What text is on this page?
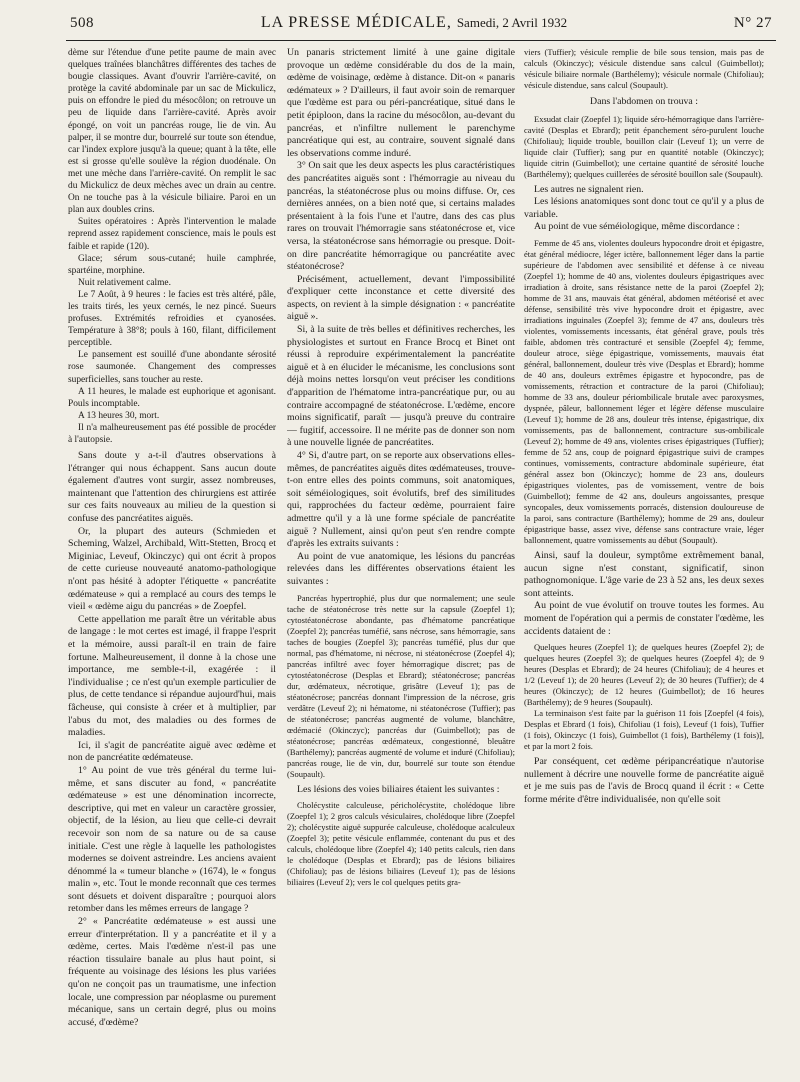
508	LA PRESSE MÉDICALE, Samedi, 2 Avril 1932	N° 27

dème sur l'étendue d'une petite paume de main avec quelques traînées blanchâtres différentes des taches de bougie classiques. Avant d'ouvrir l'arrière-cavité, on protège la cavité abdominale par un sac de Mickulicz, puis on effondre le pied du mésocôlon; on retrouve un peu de liquide dans l'arrière-cavité. Après avoir épongé, on voit un pancréas rouge, lie de vin. Au palper, il se montre dur, bourrelé sur toute son étendue, car l'index explore jusqu'à la queue; quant à la tête, elle est si grosse qu'elle soulève la région duodénale. On met une mèche dans l'arrière-cavité. On remplit le sac du Mickulicz de deux mèches avec un drain au centre. On ne touche pas à la vésicule biliaire. Paroi en un plan aux doubles crins.

Suites opératoires : Après l'intervention le malade reprend assez rapidement conscience, mais le pouls est faible et rapide (120).

Glace; sérum sous-cutané; huile camphrée, spartéine, morphine.

Nuit relativement calme.

Le 7 Août, à 9 heures : le facies est très altéré, pâle, les traits tirés, les yeux cernés, le nez pincé. Sueurs profuses. Extrémités refroidies et cyanosées. Température à 38°8; pouls à 160, filant, difficilement perceptible.

Le pansement est souillé d'une abondante sérosité rose saumonée. Changement des compresses superficielles, sans toucher au reste.

A 11 heures, le malade est euphorique et agonisant. Pouls incomptable.

A 13 heures 30, mort.

Il n'a malheureusement pas été possible de procéder à l'autopsie.

Sans doute y a-t-il d'autres observations à l'étranger qui nous échappent. Sans aucun doute également d'autres vont surgir, assez nombreuses, maintenant que l'attention des chirurgiens est attirée sur ces faits nouveaux au milieu de la question si confuse des pancréatites aiguës.

Or, la plupart des auteurs (Schmieden et Scheming, Walzel, Archibald, Witt-Stetten, Brocq et Miginiac, Leveuf, Okinczyc) qui ont écrit à propos de cette curieuse nouveauté anatomo-pathologique n'ont pas hésité à adopter l'étiquette « pancréatite œdémateuse » qui a remplacé au cours des temps le vieil « œdème aigu du pancréas » de Zoepfel.

Cette appellation me paraît être un véritable abus de langage : le mot certes est imagé, il frappe l'esprit et la mémoire, aussi paraît-il en train de faire fortune. Malheureusement, il donne à la chose une importance, me semble-t-il, exagérée : il l'individualise ; ce n'est qu'un exemple particulier de plus, de cette tendance si répandue aujourd'hui, mais fâcheuse, qui consiste à créer et à multiplier, par l'abus du mot, des maladies ou des formes de maladies.

Ici, il s'agit de pancréatite aiguë avec œdème et non de pancréatite œdémateuse.

1° Au point de vue très général du terme lui-même, et sans discuter au fond, « pancréatite œdémateuse » est une dénomination incorrecte, descriptive, qui met en valeur un caractère grossier, objectif, de la lésion, au lieu que celle-ci devrait recevoir son nom de sa nature ou de sa cause initiale. C'est une règle à laquelle les pathologistes modernes se doivent astreindre. Les anciens avaient dénommé la « tumeur blanche » (1674), le « fongus malin », etc. Tout le monde reconnaît que ces termes sont désuets et doivent disparaître ; pourquoi alors retomber dans les mêmes erreurs de langage ?

2° « Pancréatite œdémateuse » est aussi une erreur d'interprétation. Il y a pancréatite et il y a œdème, certes. Mais l'œdème n'est-il pas une réaction tissulaire banale au plus haut point, si fréquente au voisinage des lésions les plus variées qu'on ne conçoit pas un traumatisme, une infection locale, une compression par néoplasme ou purement mécanique, sans un certain degré, plus ou moins accusé, d'œdème?

Un panaris strictement limité à une gaine digitale provoque un œdème considérable du dos de la main, œdème de voisinage, œdème à distance. Dit-on « panaris œdémateux » ? D'ailleurs, il faut avoir soin de remarquer que l'œdème est para ou péri-pancréatique, situé dans le petit épiploon, dans la racine du mésocôlon, au-devant du pancréas, et n'infiltre nullement le parenchyme pancréatique qui est, au contraire, souvent signalé dans les observations comme induré.

3° On sait que les deux aspects les plus caractéristiques des pancréatites aiguës sont : l'hémorragie au niveau du pancréas, la stéatonécrose plus ou moins diffuse. Or, ces dernières années, on a bien noté que, si certains malades présentaient à la fois l'une et l'autre, dans des cas plus rares on trouvait l'hémorragie sans stéatonécrose et, vice versa, la stéatonécrose sans hémorragie ou presque. Doit-on dire pancréatite hémorragique ou pancréatite avec stéatonécrose?

Précisément, actuellement, devant l'impossibilité d'expliquer cette inconstance et cette diversité des aspects, on revient à la simple désignation : « pancréatite aiguë ».

Si, à la suite de très belles et définitives recherches, les physiologistes et surtout en France Brocq et Binet ont réussi à reproduire expérimentalement la pancréatite aiguë et à en élucider le mécanisme, les conclusions sont déjà moins nettes lorsqu'on veut préciser les conditions d'apparition de l'hématome intra-pancréatique pur, ou au contraire accompagné de stéatonécrose. L'œdème, encore moins significatif, paraît — jusqu'à preuve du contraire — fugitif, accessoire. Il ne mérite pas de donner son nom à une nouvelle lignée de pancréatites.

4° Si, d'autre part, on se reporte aux observations elles-mêmes, de pancréatites aiguës dites œdémateuses, trouve-t-on entre elles des points communs, soit anatomiques, soit séméiologiques, soit évolutifs, bref des similitudes qui, rapprochées du facteur œdème, pourraient faire admettre qu'il y a là une forme spéciale de pancréatite aiguë ? Nullement, ainsi qu'on peut s'en rendre compte d'après les extraits suivants :

Au point de vue anatomique, les lésions du pancréas relevées dans les différentes observations étaient les suivantes :

Pancréas hypertrophié, plus dur que normalement; une seule tache de stéatonécrose très nette sur la capsule (Zoepfel 1); cytostéatonécrose abondante, pas d'hématome pancréatique (Zoepfel 2); pancréas tuméfié, sans nécrose, sans hémorragie, sans taches de bougies (Zoepfel 3); pancréas tuméfié, plus dur que normal, pas d'hématome, ni nécrose, ni stéatonécrose (Zoepfel 4); pancréas infiltré avec foyer hémorragique discret; pas de cytostéatonécrose (Desplas et Ebrard); stéatonécrose; pancréas dur, œdémateux, nécrotique, grisâtre (Leveuf 1); pas de stéatonécrose; pancréas donnant l'impression de la nécrose, gris verdâtre (Leveuf 2); ni hématome, ni stéatonécrose (Tuffier); pas de stéatonécrose; pancréas augmenté de volume, blanchâtre, œdémacié (Okinczyc); pancréas dur (Guimbellot); pas de stéatonécrose; pancréas œdémateux, congestionné, bleuâtre (Barthélemy); pancréas augmenté de volume et induré (Chifoliau); pancréas rouge, lie de vin, dur, bourrelé sur toute son étendue (Soupault).

Les lésions des voies biliaires étaient les suivantes :

Cholécystite calculeuse, péricholécystite, cholédoque libre (Zoepfel 1); 2 gros calculs vésiculaires, cholédoque libre (Zoepfel 2); cholécystite aiguë suppurée calculeuse, cholédoque acalculeux (Zoepfel 3); petite vésicule enflammée, contenant du pus et des calculs, cholédoque libre (Zoepfel 4); 140 petits calculs, rien dans le cholédoque (Desplas et Ebrard); pas de lésions biliaires (Chifoliau); pas de lésions biliaires (Leveuf 1); pas de lésions biliaires (Leveuf 2); vers le col quelques petits gra-

viers (Tuffier); vésicule remplie de bile sous tension, mais pas de calculs (Okinczyc); vésicule distendue sans calcul (Guimbellot); vésicule biliaire normale (Barthélemy); vésicule normale (Chifoliau); vésicule distendue, sans calcul (Soupault).

Dans l'abdomen on trouva :

Exsudat clair (Zoepfel 1); liquide séro-hémorragique dans l'arrière-cavité (Desplas et Ebrard); petit épanchement séro-purulent louche (Chifoliau); liquide trouble, bouillon clair (Leveuf 1); un verre de liquide clair (Tuffier); sang pur en quantité notable (Okinczyc); liquide citrin (Guimbellot); une certaine quantité de sérosité louche (Barthélemy); quelques cuillerées de sérosité bouillon sale (Soupault).

Les autres ne signalent rien.

Les lésions anatomiques sont donc tout ce qu'il y a plus de variable.

Au point de vue séméiologique, même discordance :

Femme de 45 ans, violentes douleurs hypocondre droit et épigastre, état général médiocre, léger ictère, ballonnement léger dans la partie supérieure de l'abdomen avec sensibilité et défense à ce niveau (Zoepfel 1); homme de 40 ans, violentes douleurs épigastriques avec irradiation à droite, sans résistance nette de la paroi (Zoepfel 2); homme de 31 ans, mauvais état général, abdomen météorisé et avec défense, sensibilité très vive hypocondre droit et épigastre, avec irradiations inguinales (Zoepfel 3); femme de 47 ans, douleurs très violentes, vomissements incessants, état général grave, pouls très faible, abdomen très contracturé et sensible (Zoepfel 4); femme, douleur atroce, siège épigastrique, vomissements, mauvais état général, ballonnement, douleur très vive (Desplas et Ebrard); homme de 40 ans, douleurs extrêmes épigastre et hypocondre, pas de vomissements, rétraction et contracture de la paroi (Chifoliau); homme de 33 ans, douleur périombilicale brutale avec paroxysmes, dyspnée, pâleur, ballonnement léger et légère défense musculaire (Leveuf 1); homme de 28 ans, douleur très intense, épigastrique, dix vomissements, pas de ballonnement, contracture sus-ombilicale (Leveuf 2); homme de 49 ans, violentes crises épigastriques (Tuffier); femme de 52 ans, coup de poignard épigastrique suivi de crampes continues, vomissements, contracture abdominale supérieure, état général assez bon (Okinczyc); homme de 23 ans, douleurs épigastriques violentes, pas de vomissement, ventre de bois (Guimbellot); femme de 42 ans, douleurs angoissantes, presque syncopales, deux vomissements porracés, distension douloureuse de la paroi, sans contracture (Barthélemy); homme de 29 ans, douleur épigastrique basse, assez vive, défense sans contracture vraie, léger ballonnement, quatre vomissements au début (Soupault).

Ainsi, sauf la douleur, symptôme extrêmement banal, aucun signe n'est constant, significatif, sinon pathognomonique. L'âge varie de 23 à 52 ans, les deux sexes sont atteints.

Au point de vue évolutif on trouve toutes les formes. Au moment de l'opération qui a permis de constater l'œdème, les accidents dataient de :

Quelques heures (Zoepfel 1); de quelques heures (Zoepfel 2); de quelques heures (Zoepfel 3); de quelques heures (Zoepfel 4); de 9 heures (Desplas et Ebrard); de 24 heures (Chifoliau); de 4 heures et 1/2 (Leveuf 1); de 20 heures (Leveuf 2); de 30 heures (Tuffier); de 4 heures (Okinczyc); de 12 heures (Guimbellot); de 16 heures (Barthélemy); de 9 heures (Soupault).

La terminaison s'est faite par la guérison 11 fois [Zoepfel (4 fois), Desplas et Ebrard (1 fois), Chifoliau (1 fois), Leveuf (1 fois), Tuffier (1 fois), Okinczyc (1 fois), Guimbellot (1 fois), Barthélemy (1 fois)], et par la mort 2 fois.

Par conséquent, cet œdème péripancréatique n'autorise nullement à décrire une nouvelle forme de pancréatite aiguë et je me suis pas de l'avis de Brocq quand il écrit : « Cette forme mérite d'être individualisée, non qu'elle soit
